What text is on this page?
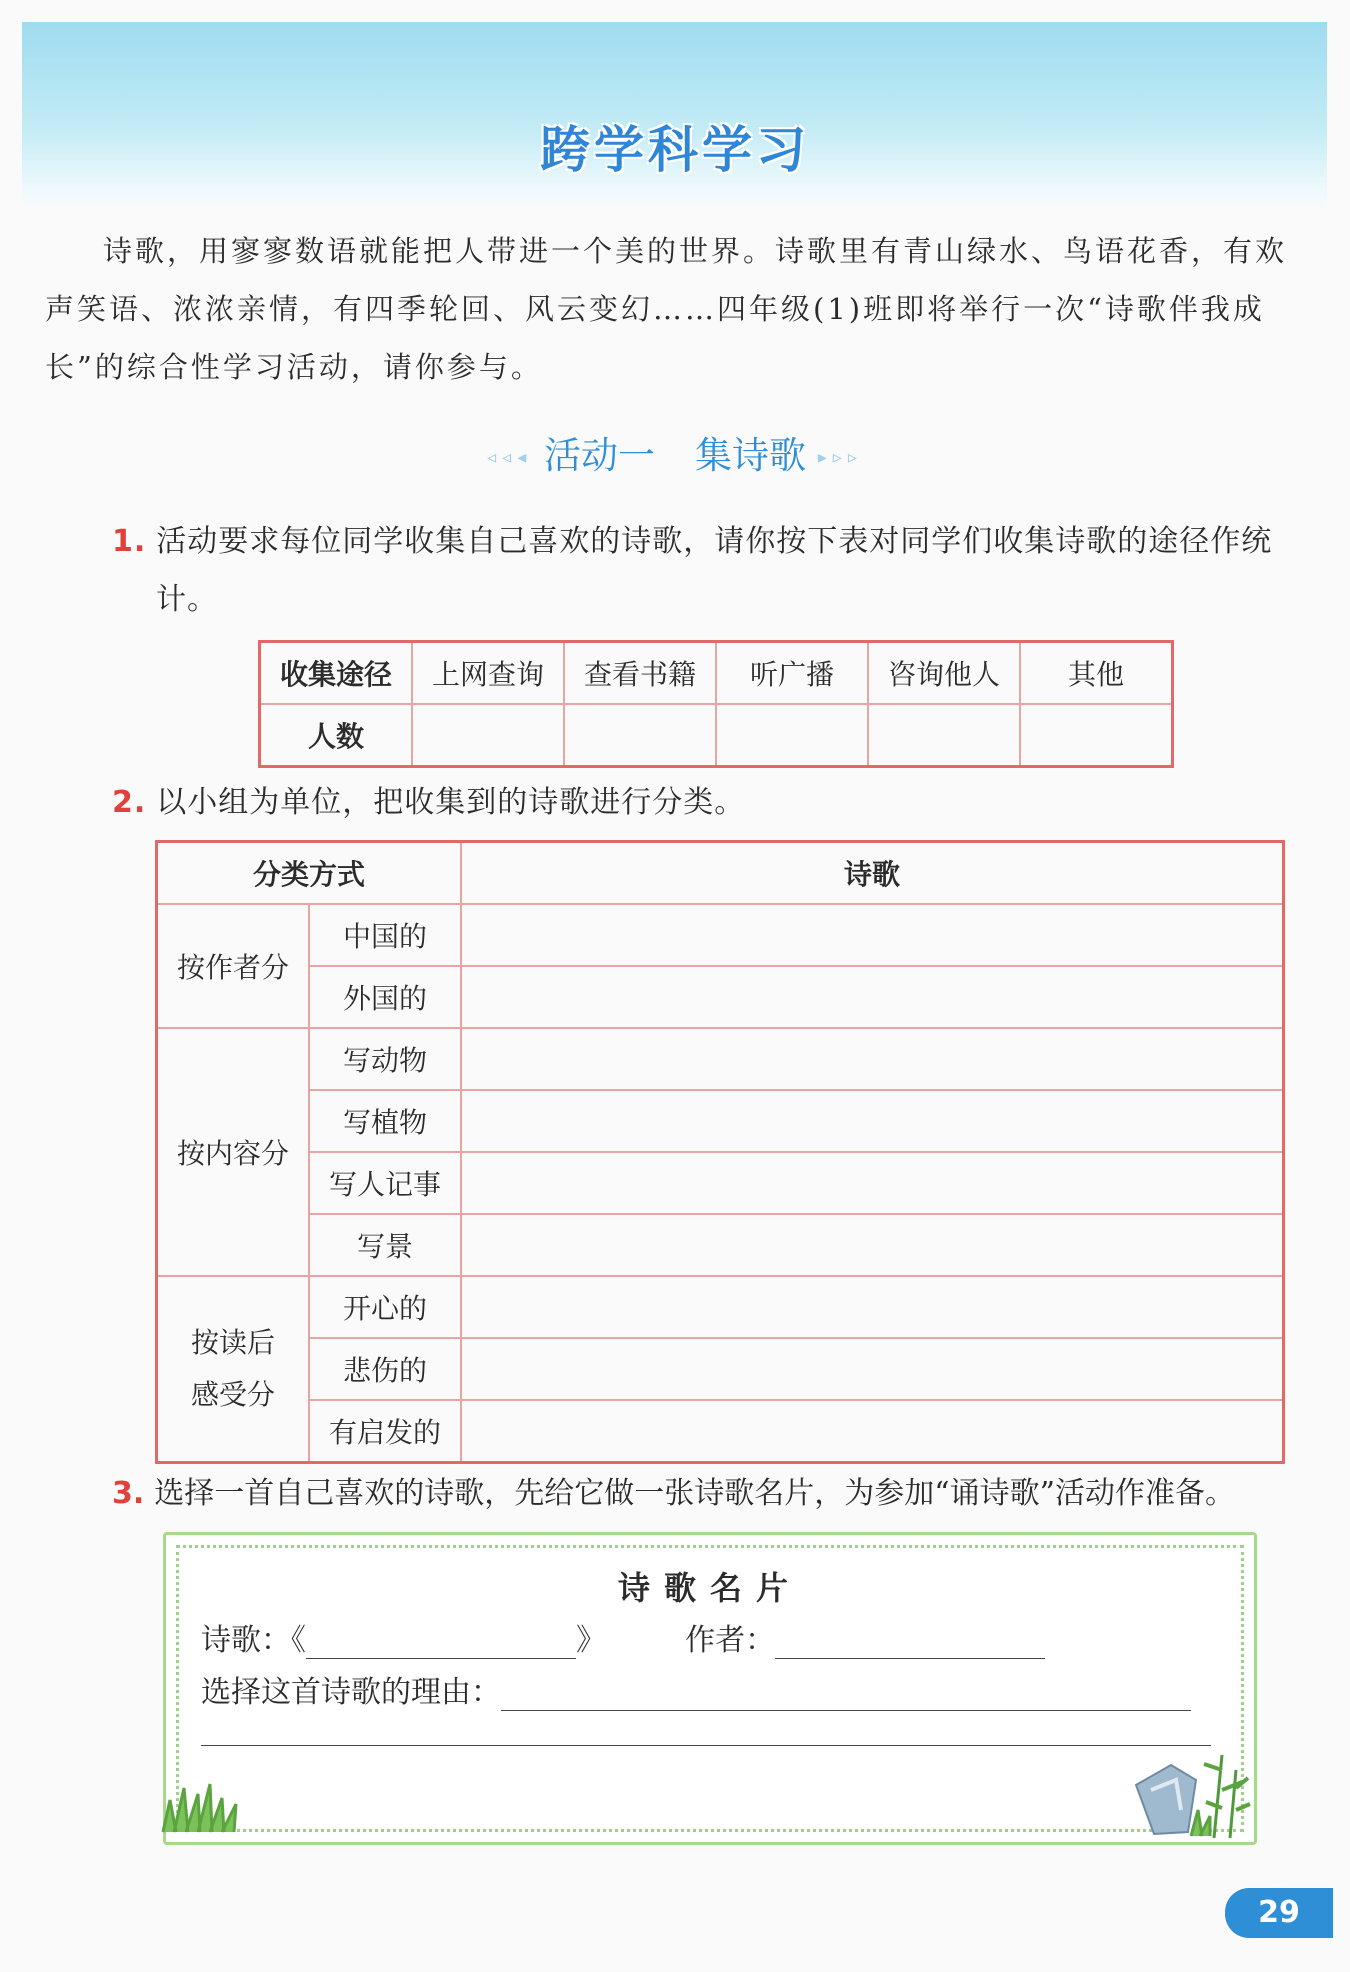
跨学科学习

诗歌，用寥寥数语就能把人带进一个美的世界。诗歌里有青山绿水、鸟语花香，有欢声笑语、浓浓亲情，有四季轮回、风云变幻……四年级(1)班即将举行一次“诗歌伴我成长”的综合性学习活动，请你参与。

◃◃◂ 活动一 集诗歌 ▸▹▹
1. 活动要求每位同学收集自己喜欢的诗歌，请你按下表对同学们收集诗歌的途径作统计。
收集途径	上网查询	查看书籍	听广播	咨询他人	其他
人数					
2. 以小组为单位，把收集到的诗歌进行分类。
分类方式		诗歌
按作者分	中国的	
	外国的	
按内容分	写动物	
	写植物	
	写人记事	
	写景	
按读后
感受分	开心的	
	悲伤的	
	有启发的	
3. 选择一首自己喜欢的诗歌，先给它做一张诗歌名片，为参加“诵诗歌”活动作准备。
诗歌名片
诗歌：《	》	作者：
选择这首诗歌的理由：
29
